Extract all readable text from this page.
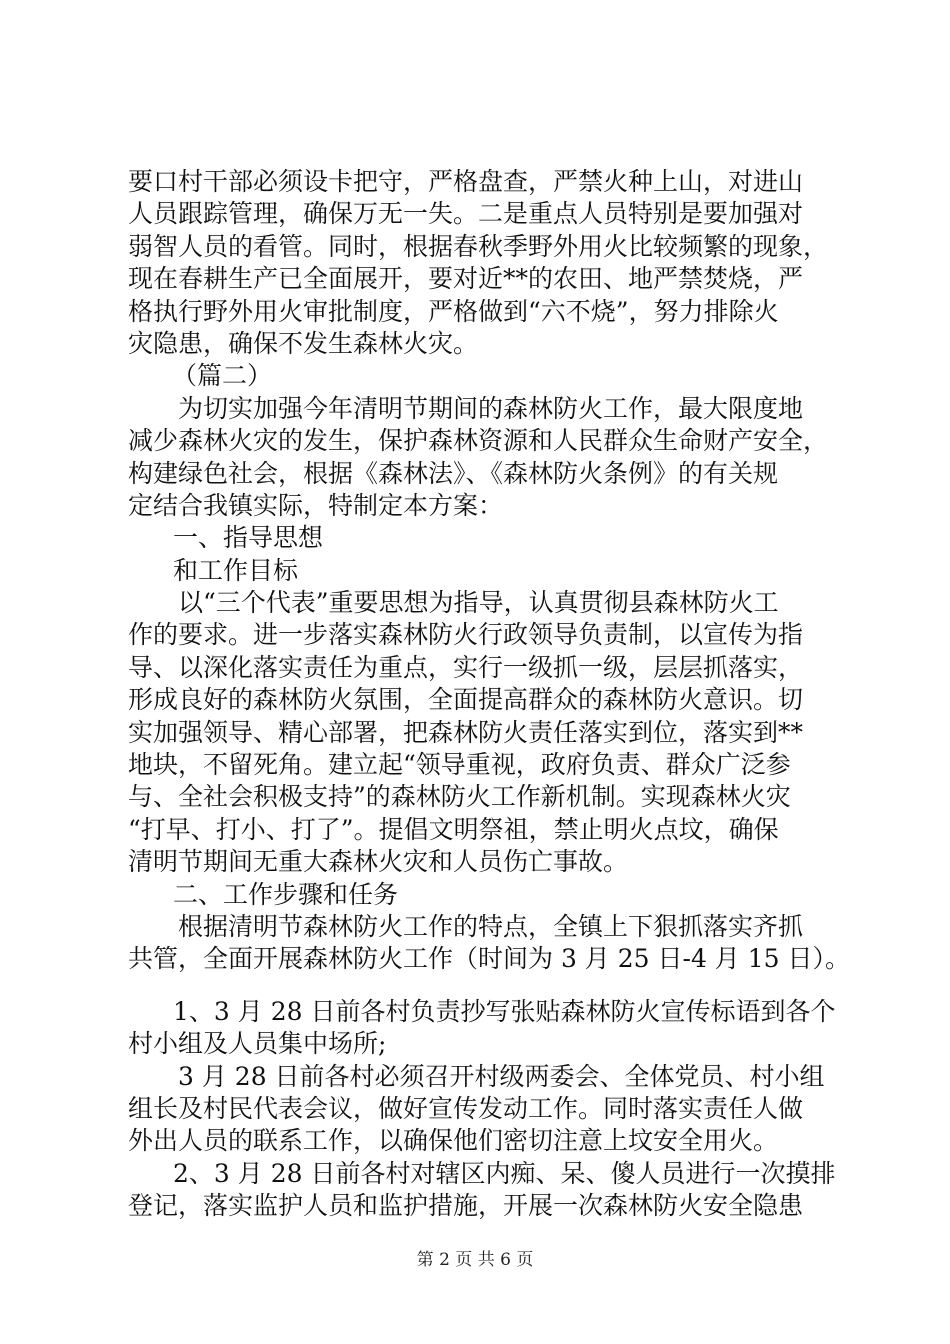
要口村干部必须设卡把守，严格盘查，严禁火种上山，对进山
人员跟踪管理，确保万无一失。二是重点人员特别是要加强对
弱智人员的看管。同时，根据春秋季野外用火比较频繁的现象，
现在春耕生产已全面展开，要对近**的农田、地严禁焚烧，严
格执行野外用火审批制度，严格做到“六不烧”，努力排除火
灾隐患，确保不发生森林火灾。
（篇二）
为切实加强今年清明节期间的森林防火工作，最大限度地
减少森林火灾的发生，保护森林资源和人民群众生命财产安全，
构建绿色社会，根据《森林法》、《森林防火条例》的有关规
定结合我镇实际，特制定本方案：
一、指导思想
和工作目标
以“三个代表”重要思想为指导，认真贯彻县森林防火工
作的要求。进一步落实森林防火行政领导负责制，以宣传为指
导、以深化落实责任为重点，实行一级抓一级，层层抓落实，
形成良好的森林防火氛围，全面提高群众的森林防火意识。切
实加强领导、精心部署，把森林防火责任落实到位，落实到**
地块，不留死角。建立起“领导重视，政府负责、群众广泛参
与、全社会积极支持”的森林防火工作新机制。实现森林火灾
“打早、打小、打了”。提倡文明祭祖，禁止明火点坟，确保
清明节期间无重大森林火灾和人员伤亡事故。
二、工作步骤和任务
根据清明节森林防火工作的特点，全镇上下狠抓落实齐抓
共管，全面开展森林防火工作（时间为 3 月 25 日-4 月 15 日）。
1、3 月 28 日前各村负责抄写张贴森林防火宣传标语到各个
村小组及人员集中场所;
3 月 28 日前各村必须召开村级两委会、全体党员、村小组
组长及村民代表会议，做好宣传发动工作。同时落实责任人做
外出人员的联系工作，以确保他们密切注意上坟安全用火。
2、3 月 28 日前各村对辖区内痴、呆、傻人员进行一次摸排
登记，落实监护人员和监护措施，开展一次森林防火安全隐患
第 2 页 共 6 页
